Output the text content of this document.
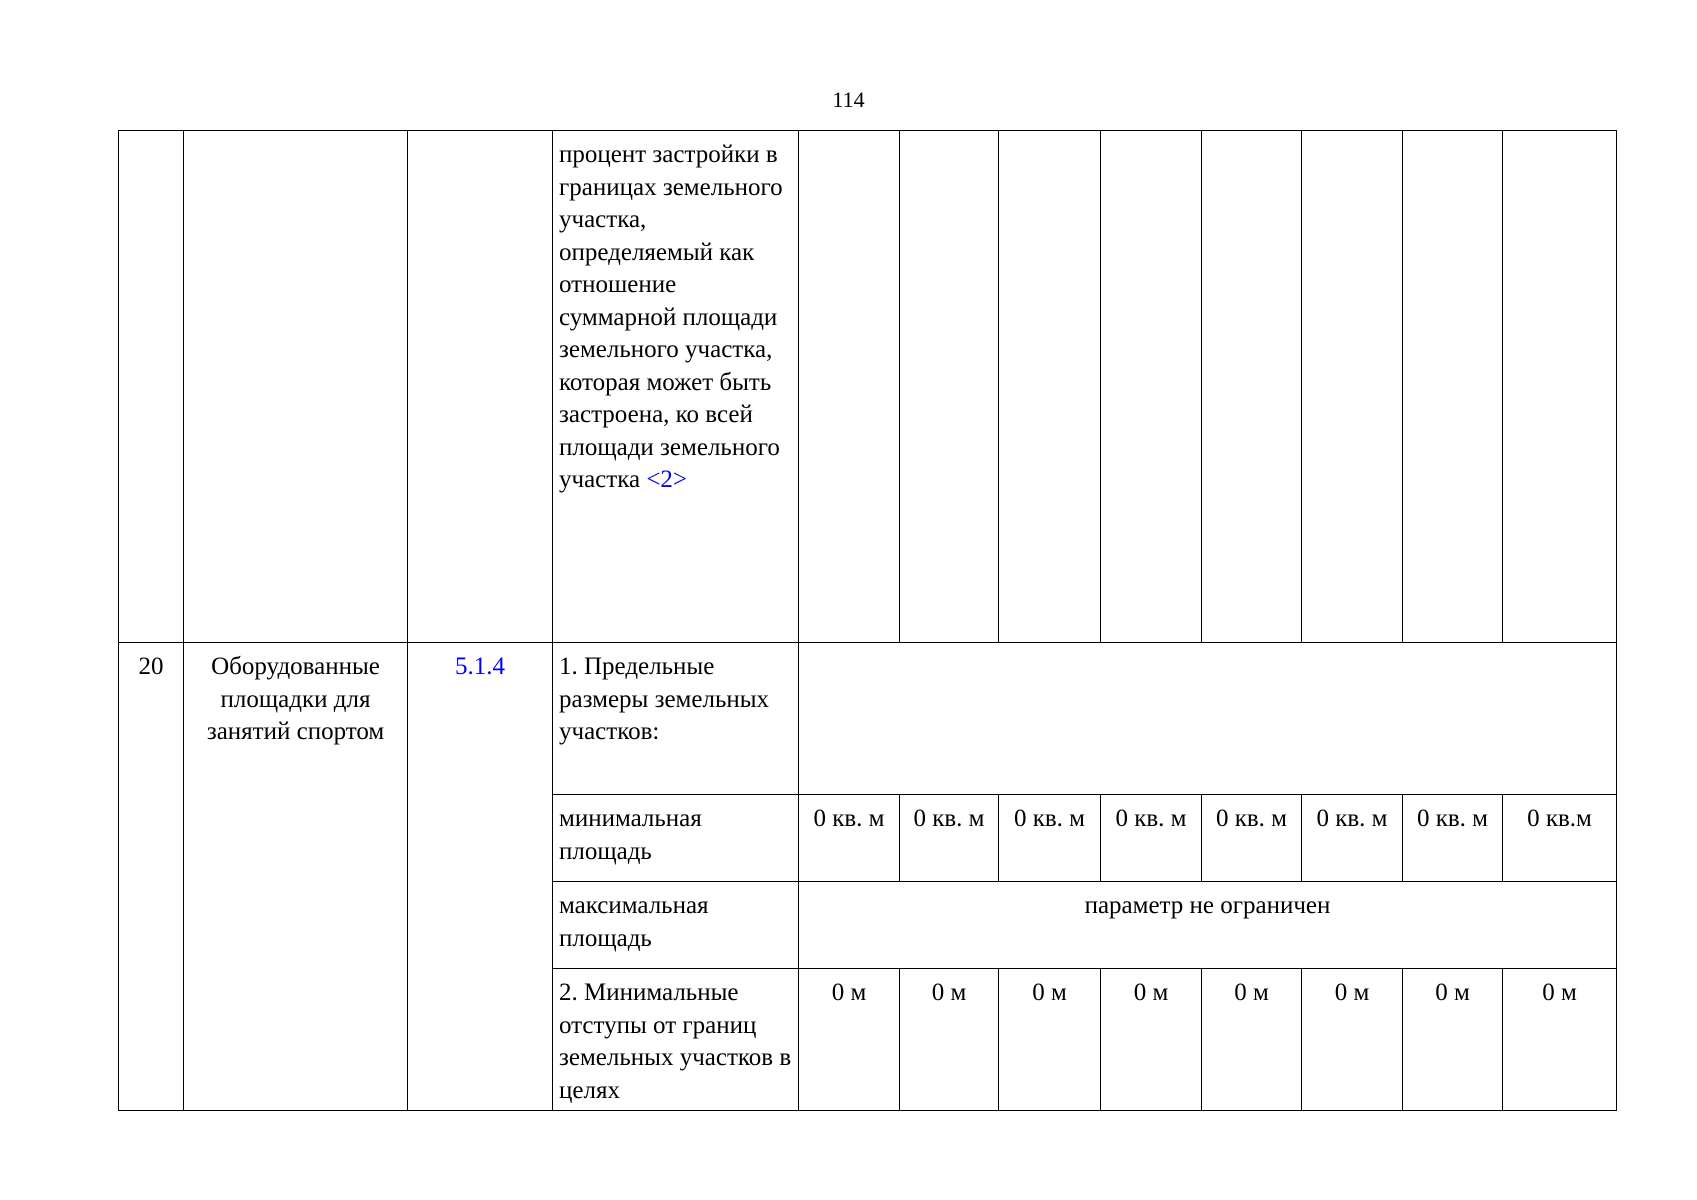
114
			процент застройки в границах земельного участка, определяемый как отношение суммарной площади земельного участка, которая может быть застроена, ко всей площади земельного участка <2>								
20	Оборудованные площадки для занятий спортом	5.1.4	1. Предельные размеры земельных участков:								
			минимальная площадь	0 кв. м	0 кв. м	0 кв. м	0 кв. м	0 кв. м	0 кв. м	0 кв. м	0 кв.м
			максимальная площадь	параметр не ограничен							
			2. Минимальные отступы от границ земельных участков в целях	0 м	0 м	0 м	0 м	0 м	0 м	0 м	0 м
